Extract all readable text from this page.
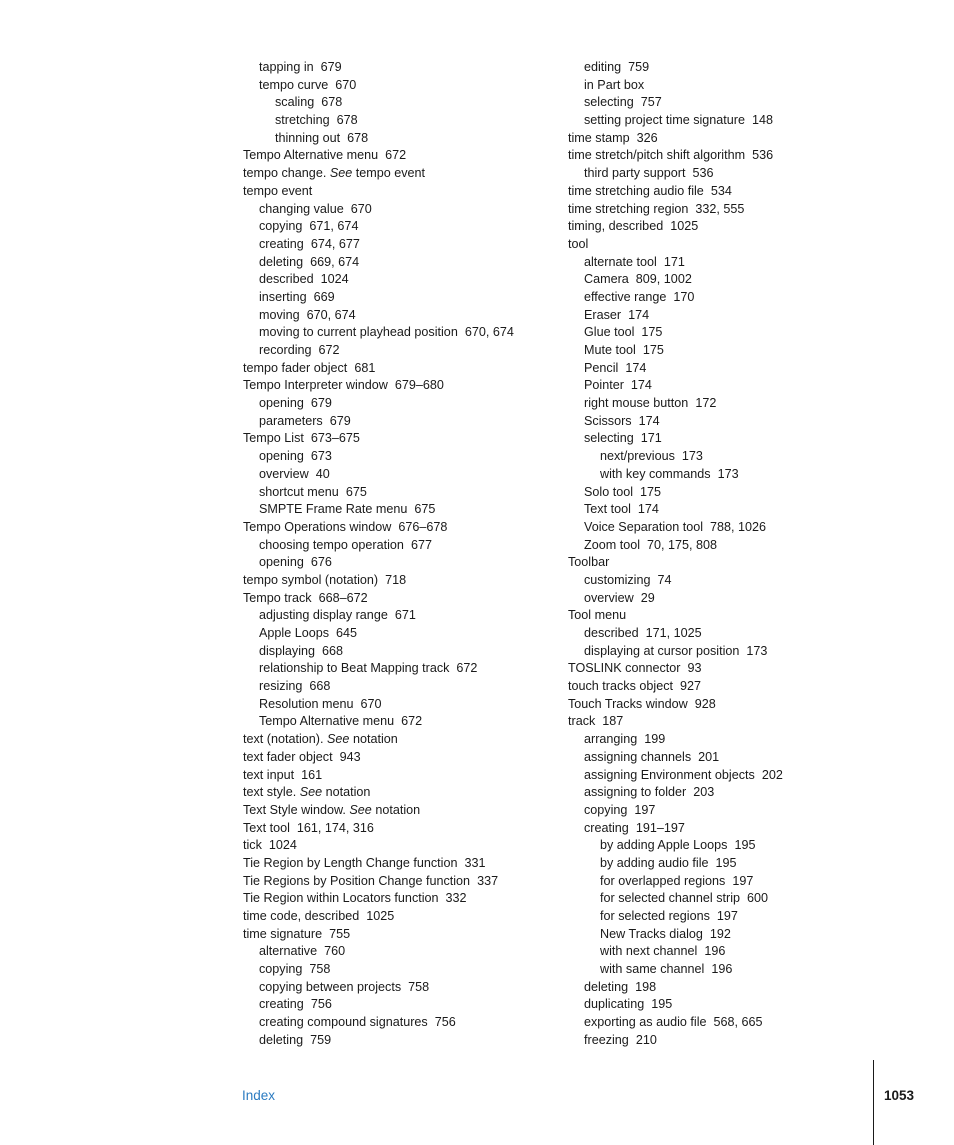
tapping in 679
tempo curve 670
scaling 678
stretching 678
thinning out 678
Tempo Alternative menu 672
tempo change. See tempo event
tempo event
changing value 670
copying 671, 674
creating 674, 677
deleting 669, 674
described 1024
inserting 669
moving 670, 674
moving to current playhead position 670, 674
recording 672
tempo fader object 681
Tempo Interpreter window 679–680
opening 679
parameters 679
Tempo List 673–675
opening 673
overview 40
shortcut menu 675
SMPTE Frame Rate menu 675
Tempo Operations window 676–678
choosing tempo operation 677
opening 676
tempo symbol (notation) 718
Tempo track 668–672
adjusting display range 671
Apple Loops 645
displaying 668
relationship to Beat Mapping track 672
resizing 668
Resolution menu 670
Tempo Alternative menu 672
text (notation). See notation
text fader object 943
text input 161
text style. See notation
Text Style window. See notation
Text tool 161, 174, 316
tick 1024
Tie Region by Length Change function 331
Tie Regions by Position Change function 337
Tie Region within Locators function 332
time code, described 1025
time signature 755
alternative 760
copying 758
copying between projects 758
creating 756
creating compound signatures 756
deleting 759
editing 759
in Part box
selecting 757
setting project time signature 148
time stamp 326
time stretch/pitch shift algorithm 536
third party support 536
time stretching audio file 534
time stretching region 332, 555
timing, described 1025
tool
alternate tool 171
Camera 809, 1002
effective range 170
Eraser 174
Glue tool 175
Mute tool 175
Pencil 174
Pointer 174
right mouse button 172
Scissors 174
selecting 171
next/previous 173
with key commands 173
Solo tool 175
Text tool 174
Voice Separation tool 788, 1026
Zoom tool 70, 175, 808
Toolbar
customizing 74
overview 29
Tool menu
described 171, 1025
displaying at cursor position 173
TOSLINK connector 93
touch tracks object 927
Touch Tracks window 928
track 187
arranging 199
assigning channels 201
assigning Environment objects 202
assigning to folder 203
copying 197
creating 191–197
by adding Apple Loops 195
by adding audio file 195
for overlapped regions 197
for selected channel strip 600
for selected regions 197
New Tracks dialog 192
with next channel 196
with same channel 196
deleting 198
duplicating 195
exporting as audio file 568, 665
freezing 210
Index	1053
